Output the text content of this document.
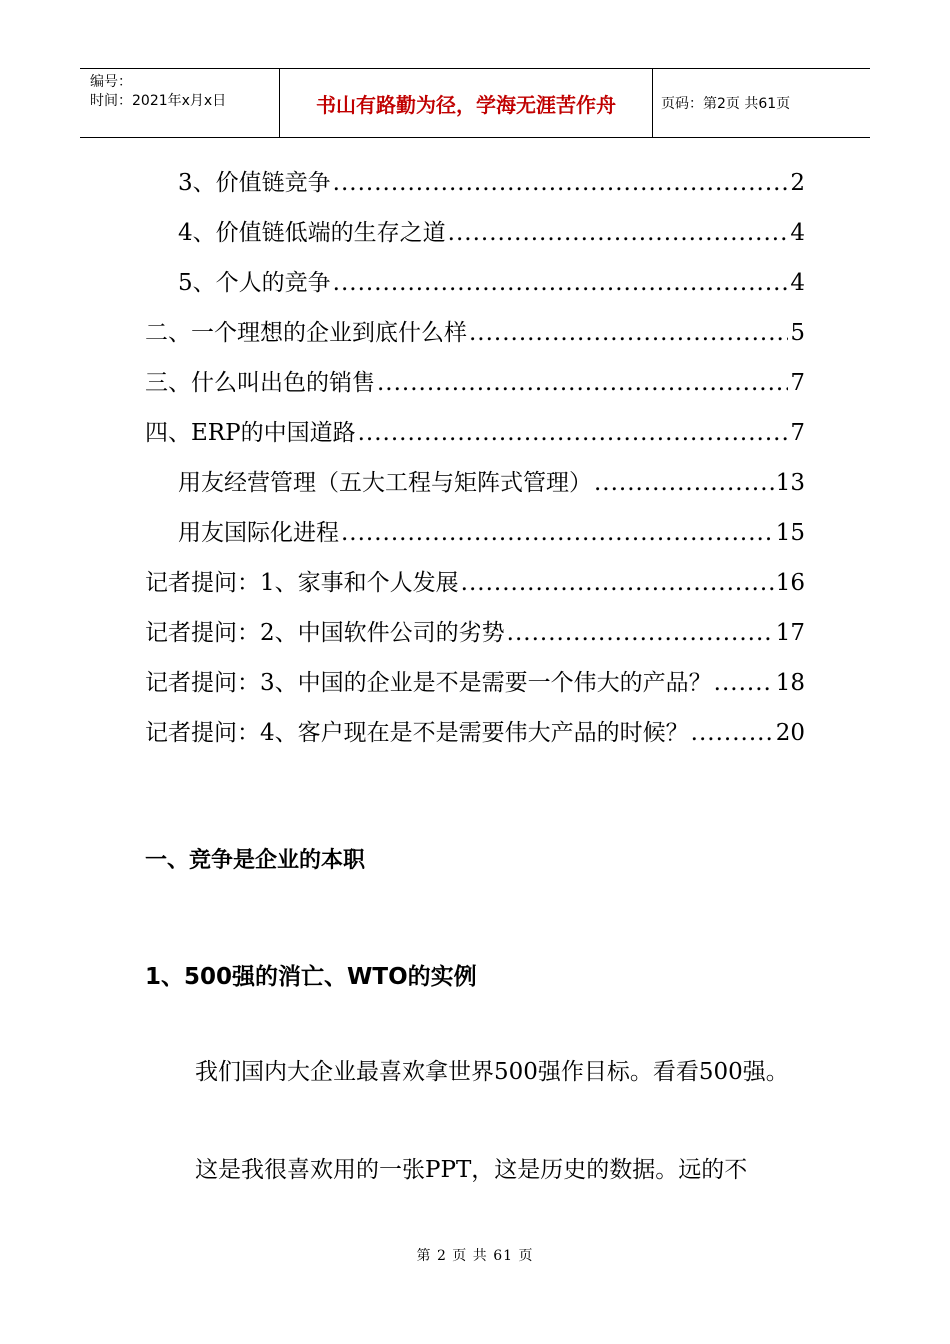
编号：
时间：2021年x月x日	书山有路勤为径，学海无涯苦作舟	页码：第2页 共61页
3、价值链竞争 .....	2
4、价值链低端的生存之道 .....	4
5、个人的竞争 .....	4
二、一个理想的企业到底什么样 .....	5
三、什么叫出色的销售 .....	7
四、ERP的中国道路 .....	7
用友经营管理（五大工程与矩阵式管理） .....	13
用友国际化进程 .....	15
记者提问：1、家事和个人发展 .....	16
记者提问：2、中国软件公司的劣势 .....	17
记者提问：3、中国的企业是不是需要一个伟大的产品？ .....	18
记者提问：4、客户现在是不是需要伟大产品的时候？ .....	20
一、竞争是企业的本职
1、500强的消亡、WTO的实例
我们国内大企业最喜欢拿世界500强作目标。看看500强。
这是我很喜欢用的一张PPT，这是历史的数据。远的不
第 2 页 共 61 页
